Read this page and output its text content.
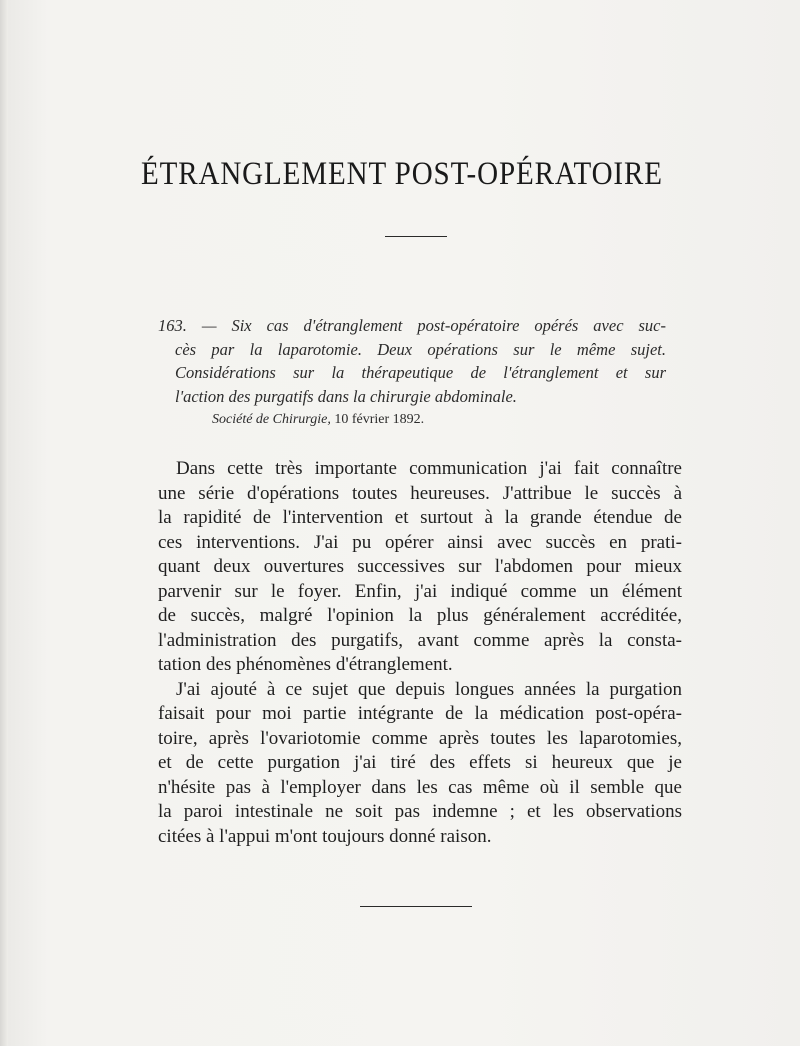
ÉTRANGLEMENT POST-OPÉRATOIRE
163. — Six cas d'étranglement post-opératoire opérés avec suc-
cès par la laparotomie. Deux opérations sur le même sujet.
Considérations sur la thérapeutique de l'étranglement et sur
l'action des purgatifs dans la chirurgie abdominale.
Société de Chirurgie, 10 février 1892.

Dans cette très importante communication j'ai fait connaître
une série d'opérations toutes heureuses. J'attribue le succès à
la rapidité de l'intervention et surtout à la grande étendue de
ces interventions. J'ai pu opérer ainsi avec succès en prati-
quant deux ouvertures successives sur l'abdomen pour mieux
parvenir sur le foyer. Enfin, j'ai indiqué comme un élément
de succès, malgré l'opinion la plus généralement accréditée,
l'administration des purgatifs, avant comme après la consta-
tation des phénomènes d'étranglement.

J'ai ajouté à ce sujet que depuis longues années la purgation
faisait pour moi partie intégrante de la médication post-opéra-
toire, après l'ovariotomie comme après toutes les laparotomies,
et de cette purgation j'ai tiré des effets si heureux que je
n'hésite pas à l'employer dans les cas même où il semble que
la paroi intestinale ne soit pas indemne ; et les observations
citées à l'appui m'ont toujours donné raison.
